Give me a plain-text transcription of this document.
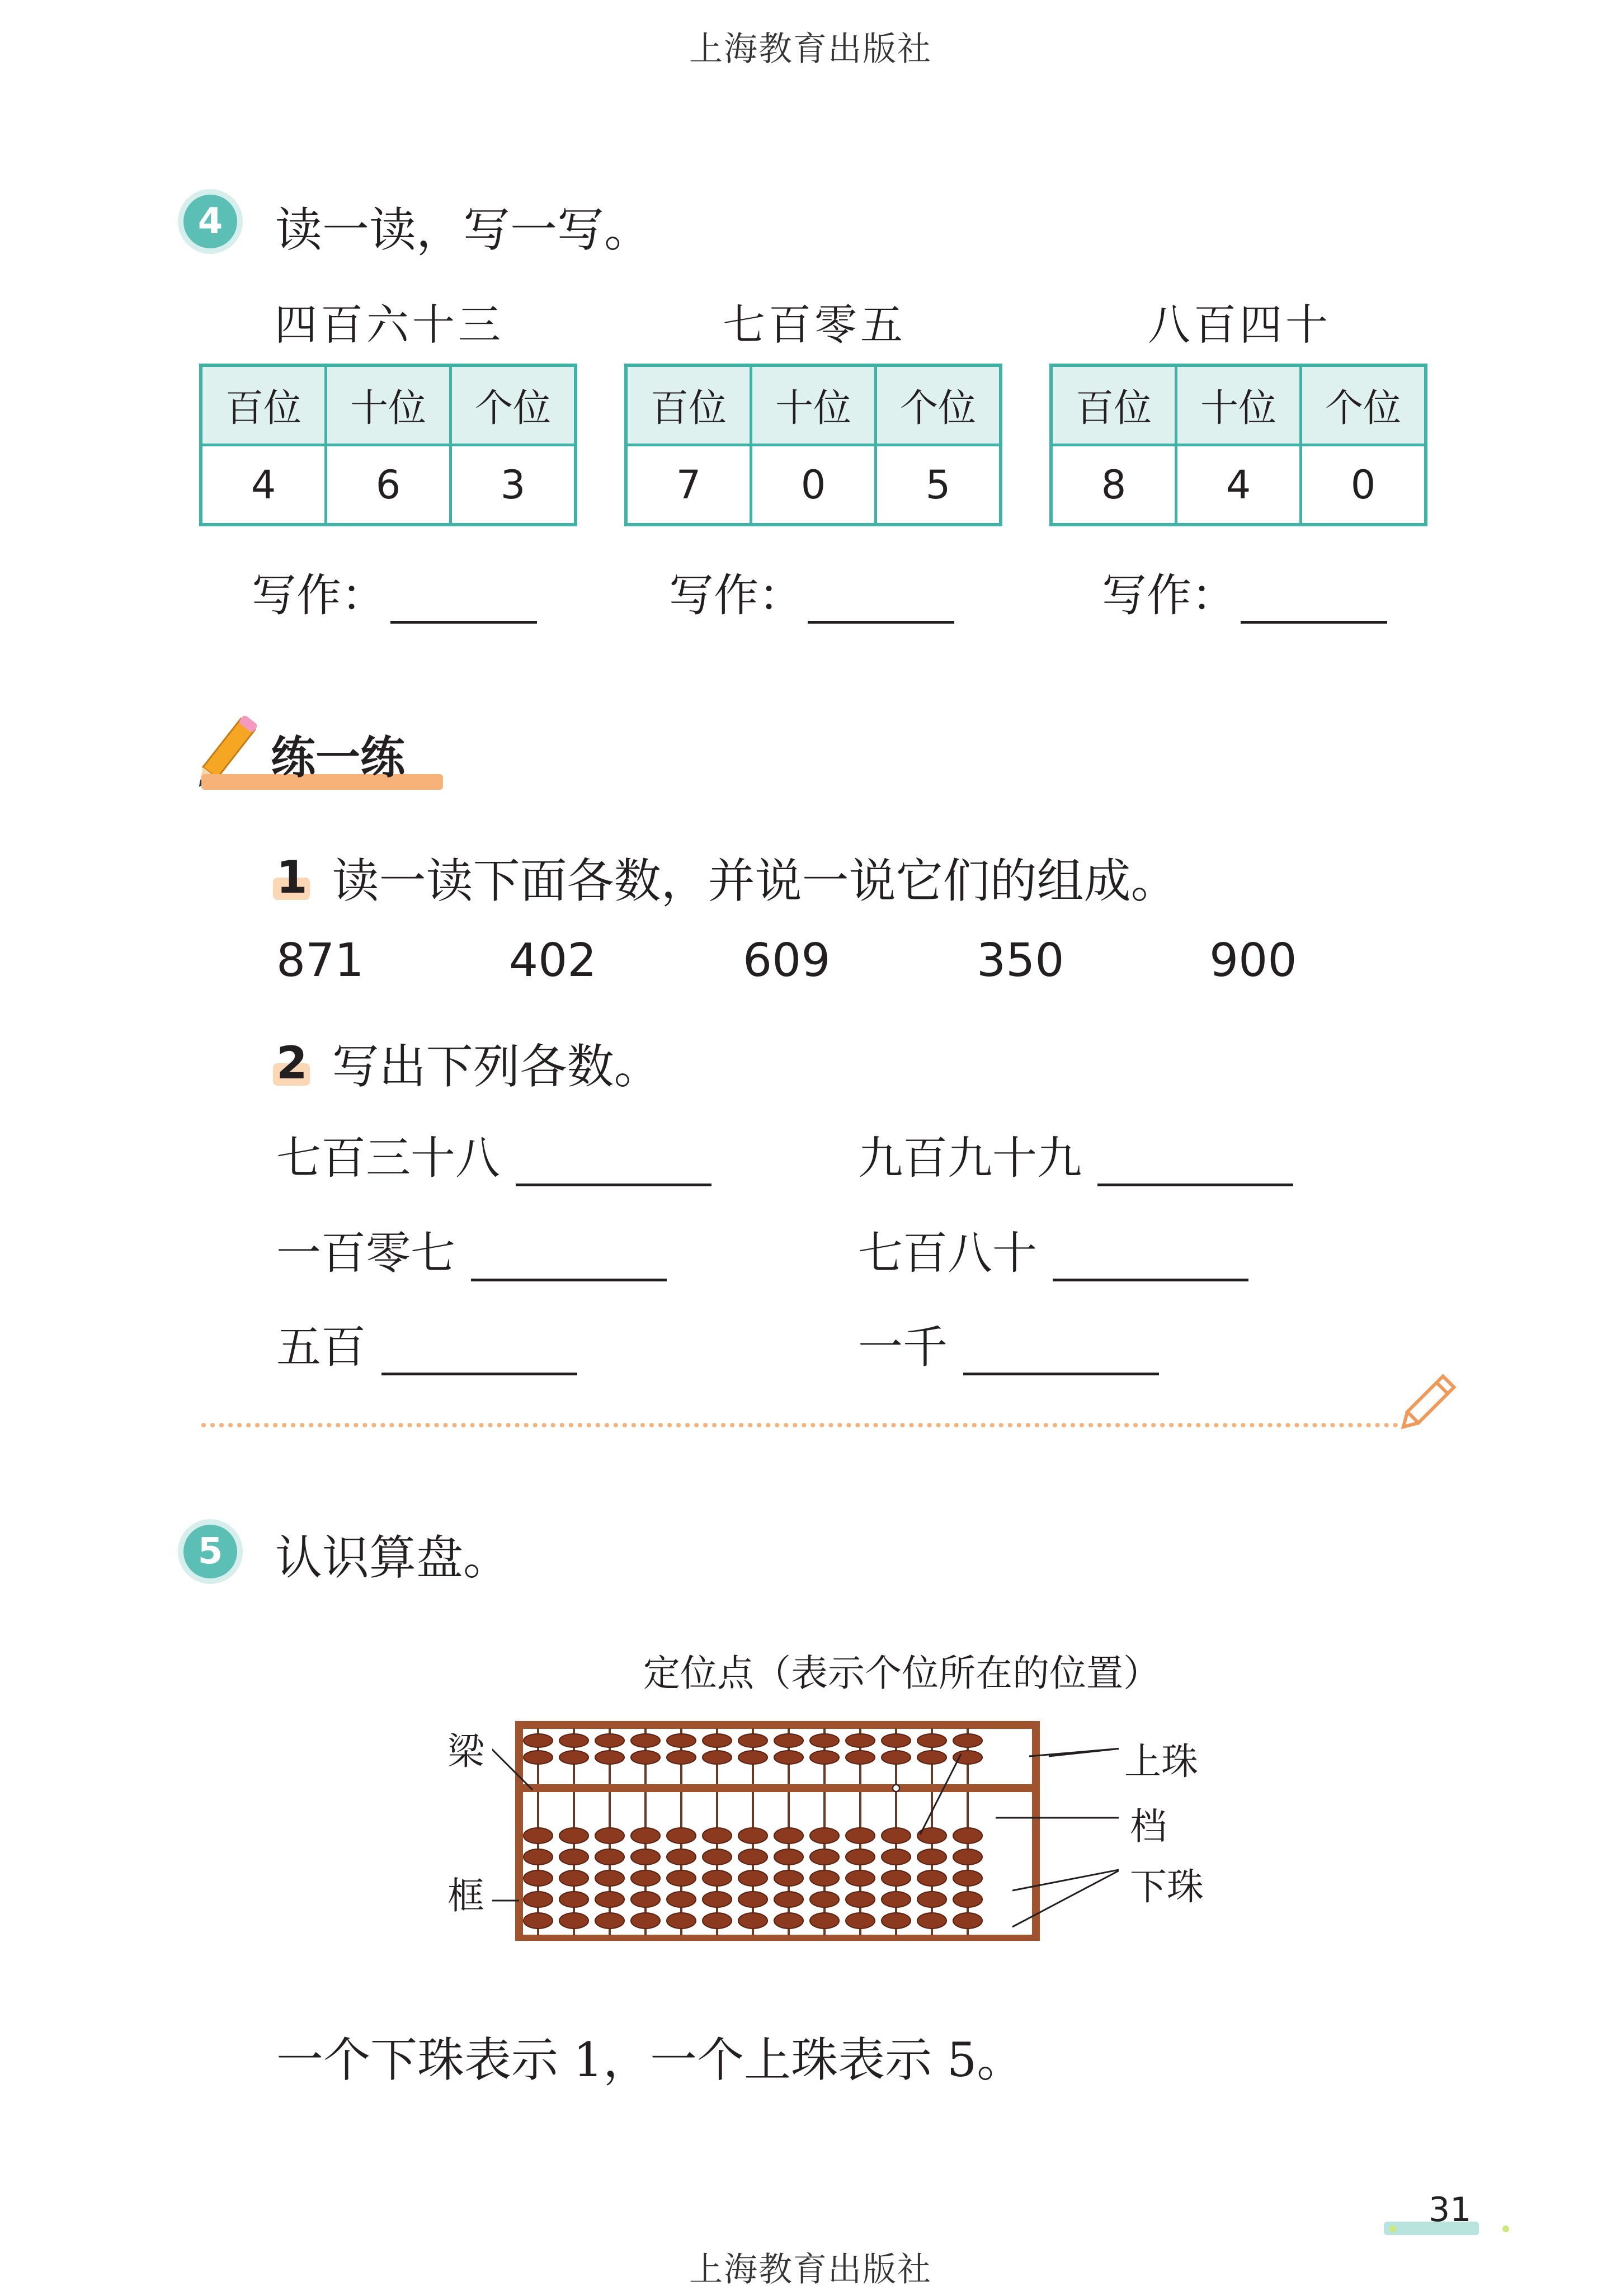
上海教育出版社
4	读一读，写一写。
四百六十三
百位	十位	个位
4	6	3
写作：
七百零五
百位	十位	个位
7	0	5
写作：
八百四十
百位	十位	个位
8	4	0
写作：
练一练
1 读一读下面各数，并说一说它们的组成。
871	402	609	350	900
2 写出下列各数。
七百三十八	九百九十九
一百零七	七百八十
五百	一千
5	认识算盘。
定位点（表示个位所在的位置）
梁
框
上珠
档
下珠
一个下珠表示 1，一个上珠表示 5。
31
上海教育出版社
